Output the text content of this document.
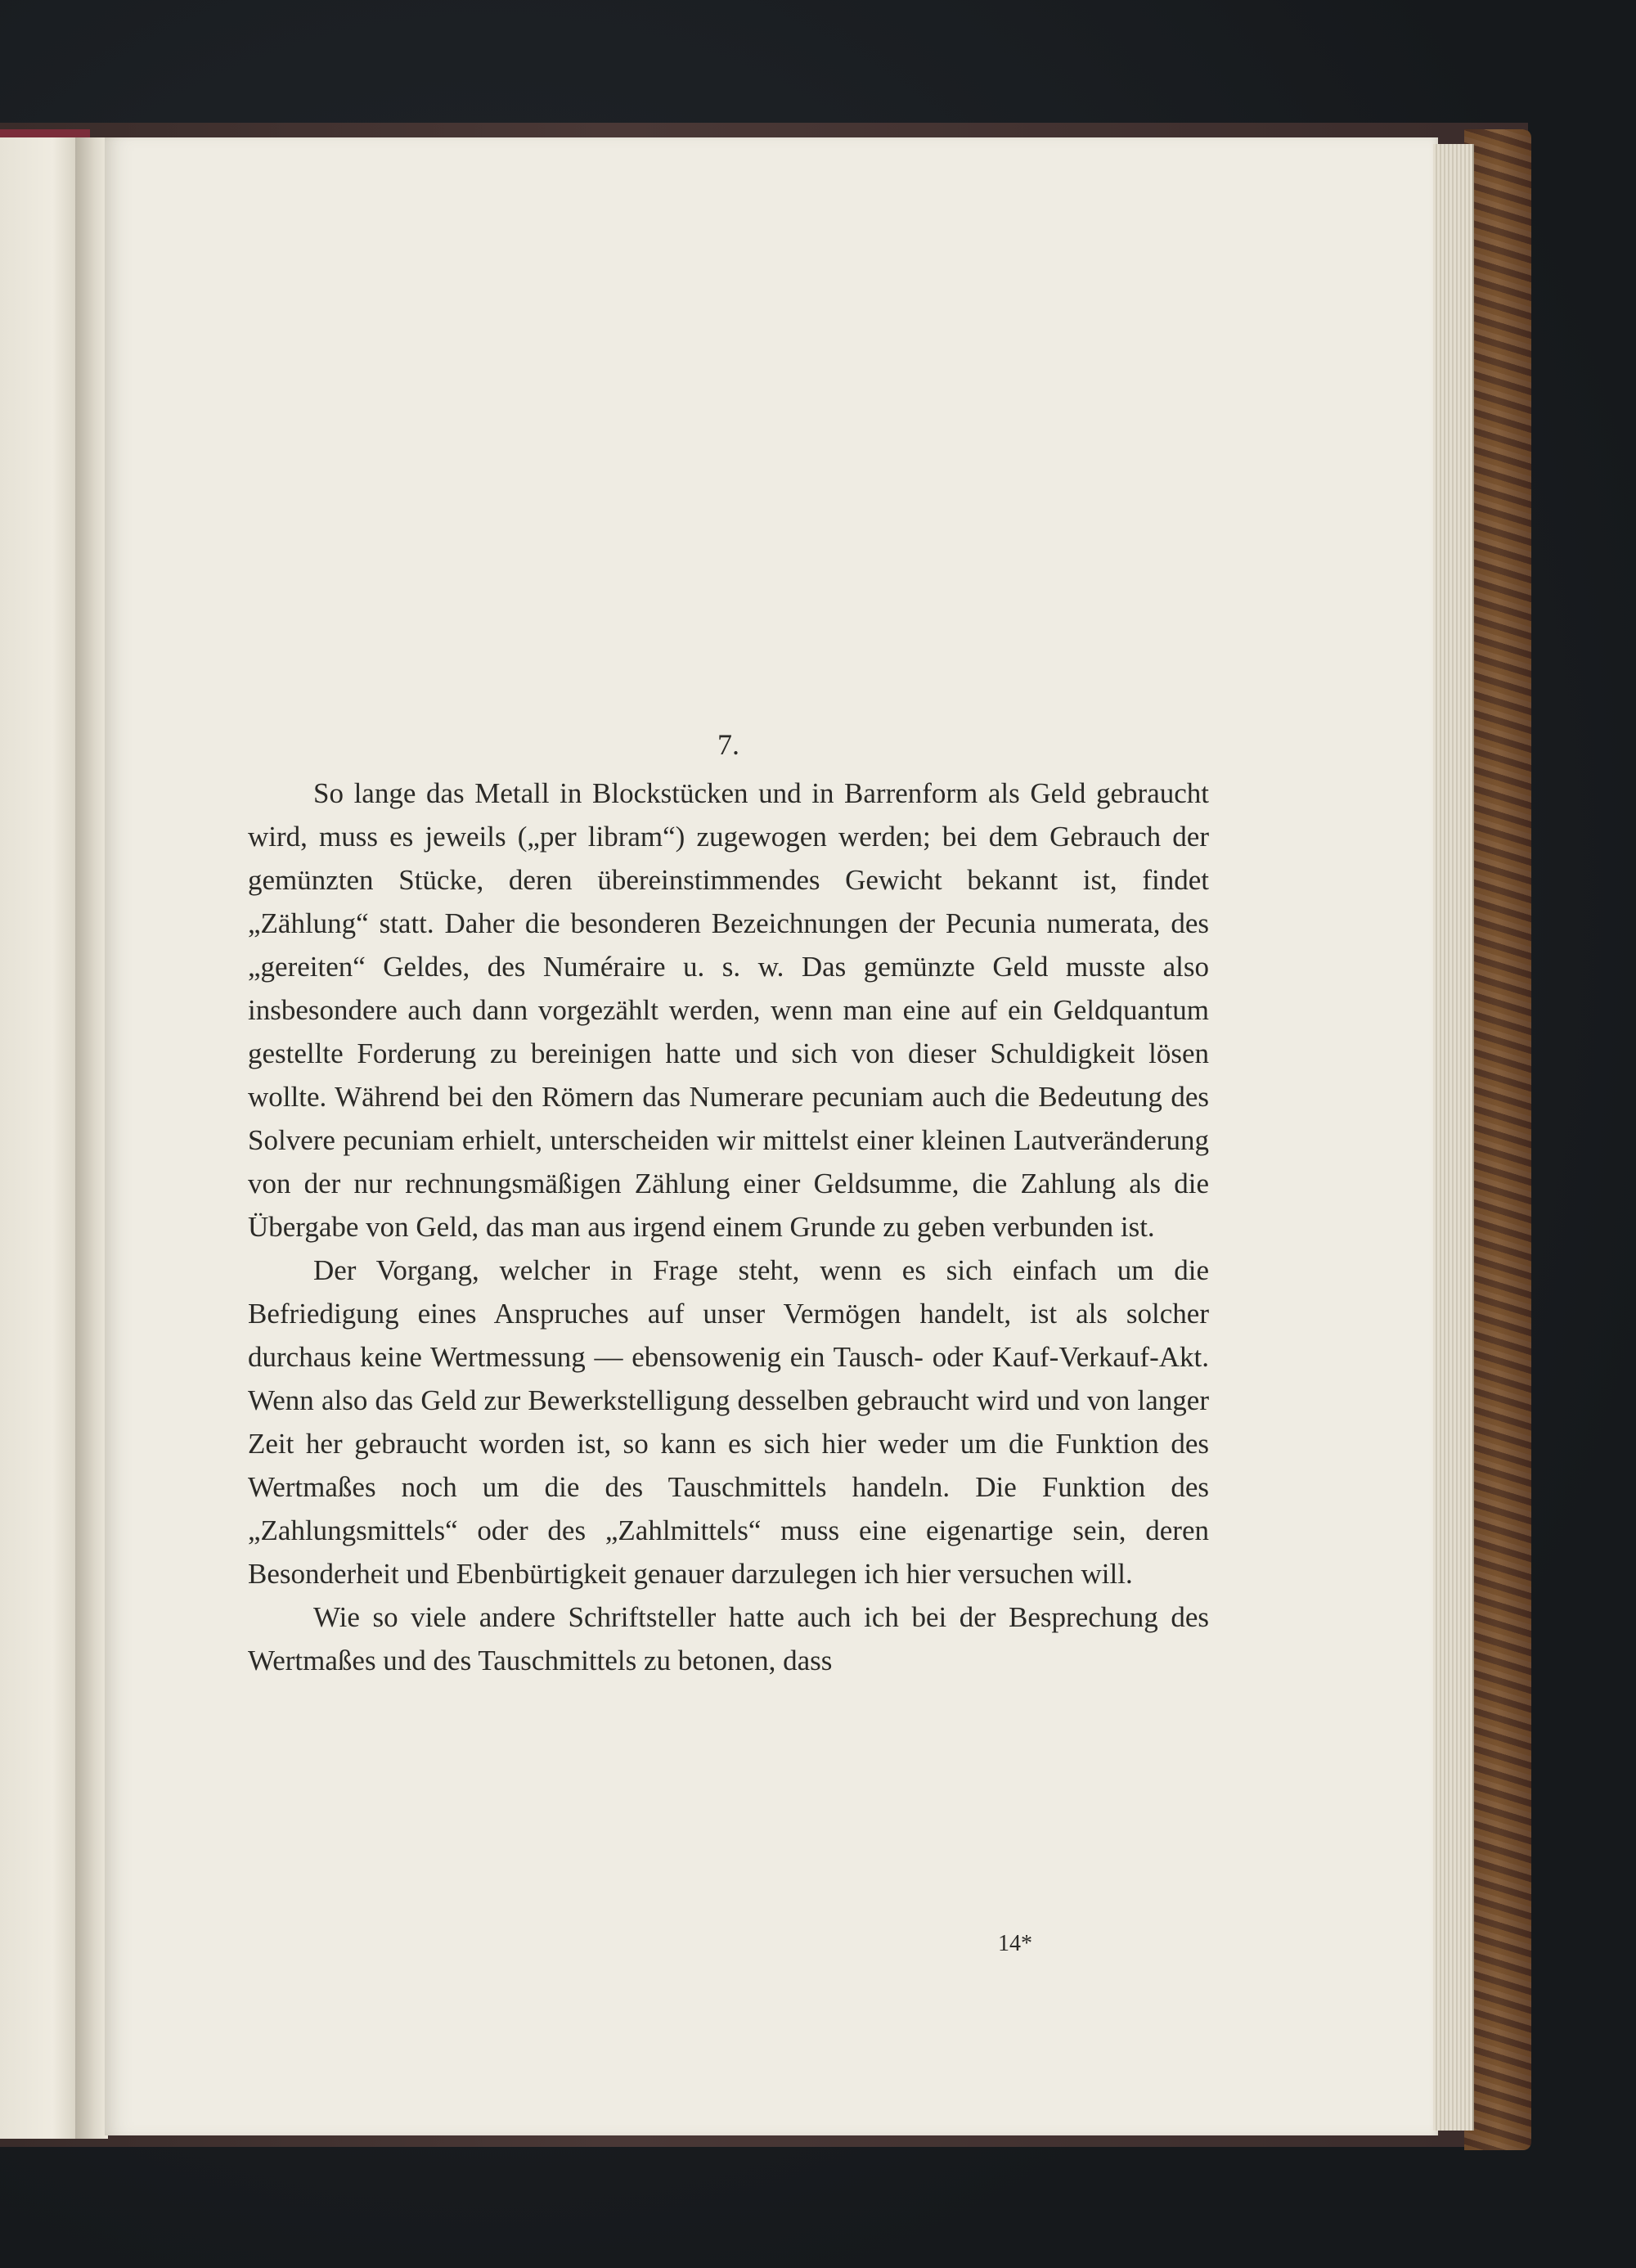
7.

So lange das Metall in Blockstücken und in Barrenform als Geld gebraucht wird, muss es jeweils („per libram“) zugewogen werden; bei dem Gebrauch der gemünzten Stücke, deren übereinstimmendes Gewicht bekannt ist, findet „Zählung“ statt. Daher die besonderen Bezeichnungen der Pecunia numerata, des „gereiten“ Geldes, des Numéraire u. s. w. Das gemünzte Geld musste also insbesondere auch dann vorgezählt werden, wenn man eine auf ein Geldquantum gestellte Forderung zu bereinigen hatte und sich von dieser Schuldigkeit lösen wollte. Während bei den Römern das Numerare pecuniam auch die Bedeutung des Solvere pecuniam erhielt, unterscheiden wir mittelst einer kleinen Lautveränderung von der nur rechnungsmäßigen Zählung einer Geldsumme, die Zahlung als die Übergabe von Geld, das man aus irgend einem Grunde zu geben verbunden ist.

Der Vorgang, welcher in Frage steht, wenn es sich einfach um die Befriedigung eines Anspruches auf unser Vermögen handelt, ist als solcher durchaus keine Wertmessung — ebensowenig ein Tausch- oder Kauf-Verkauf-Akt. Wenn also das Geld zur Bewerkstelligung desselben gebraucht wird und von langer Zeit her gebraucht worden ist, so kann es sich hier weder um die Funktion des Wertmaßes noch um die des Tauschmittels handeln. Die Funktion des „Zahlungsmittels“ oder des „Zahlmittels“ muss eine eigenartige sein, deren Besonderheit und Ebenbürtigkeit genauer darzulegen ich hier versuchen will.

Wie so viele andere Schriftsteller hatte auch ich bei der Besprechung des Wertmaßes und des Tauschmittels zu betonen, dass

14*
